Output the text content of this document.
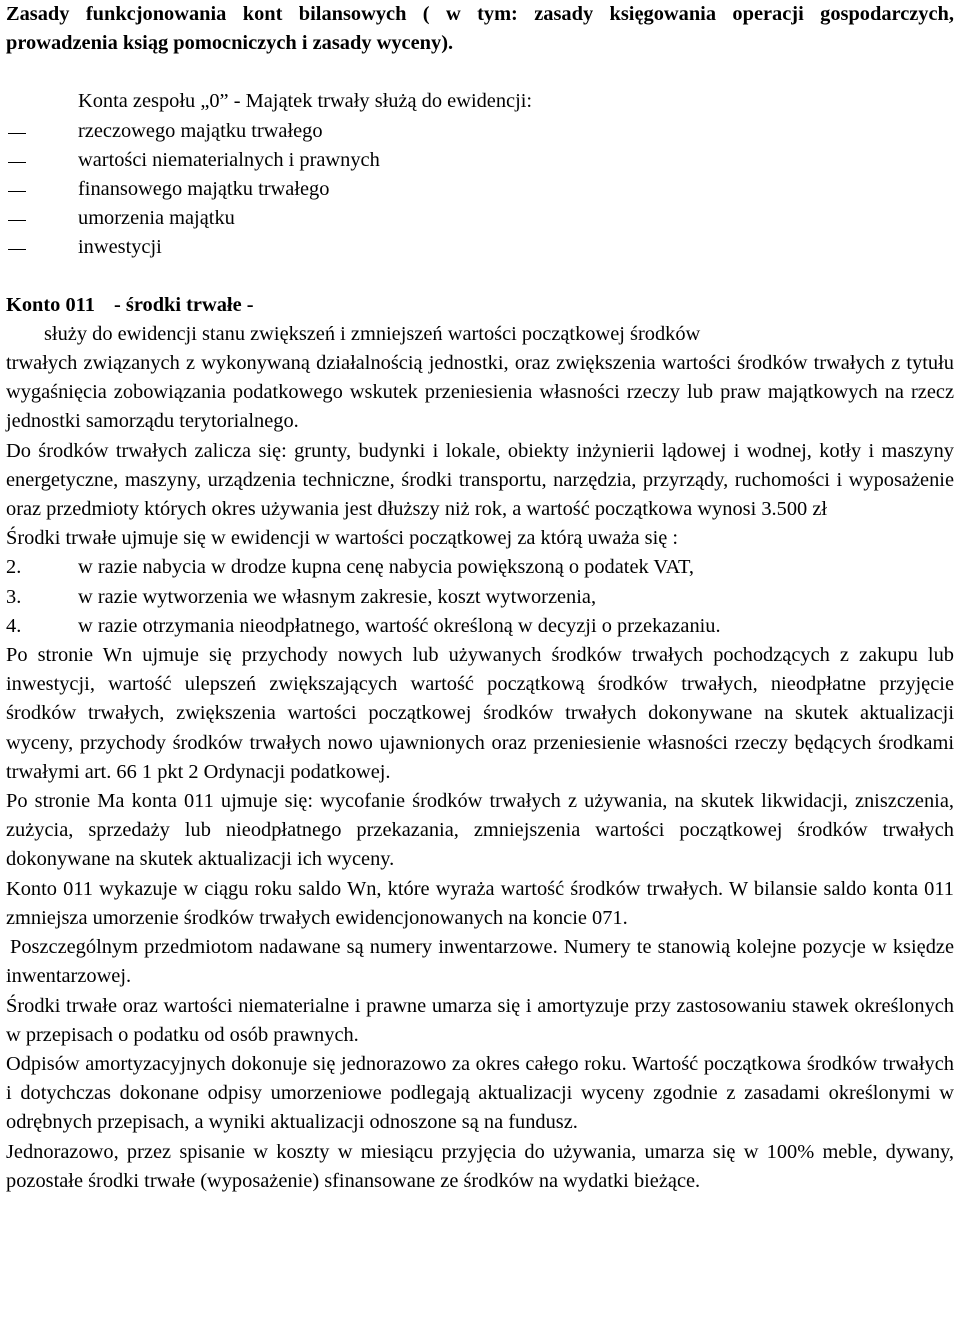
Zasady funkcjonowania kont bilansowych ( w tym: zasady księgowania operacji gospodarczych, prowadzenia ksiąg pomocniczych i zasady wyceny).
Konta zespołu „0” - Majątek trwały służą do ewidencji:
rzeczowego majątku trwałego
wartości niematerialnych i prawnych
finansowego majątku trwałego
umorzenia majątku
inwestycji
Konto 011 - środki trwałe -
służy do ewidencji stanu zwiększeń i zmniejszeń wartości początkowej środków

trwałych związanych z wykonywaną działalnością jednostki, oraz zwiększenia wartości środków trwałych z tytułu wygaśnięcia zobowiązania podatkowego wskutek przeniesienia własności rzeczy lub praw majątkowych na rzecz jednostki samorządu terytorialnego.

Do środków trwałych zalicza się: grunty, budynki i lokale, obiekty inżynierii lądowej i wodnej, kotły i maszyny energetyczne, maszyny, urządzenia techniczne, środki transportu, narzędzia, przyrządy, ruchomości i wyposażenie oraz przedmioty których okres używania jest dłuższy niż rok, a wartość początkowa wynosi 3.500 zł

Środki trwałe ujmuje się w ewidencji w wartości początkowej za którą uważa się :

2.	w razie nabycia w drodze kupna cenę nabycia powiększoną o podatek VAT,
3.	w razie wytworzenia we własnym zakresie, koszt wytworzenia,
4.	w razie otrzymania nieodpłatnego, wartość określoną w decyzji o przekazaniu.

Po stronie Wn ujmuje się przychody nowych lub używanych środków trwałych pochodzących z zakupu lub inwestycji, wartość ulepszeń zwiększających wartość początkową środków trwałych, nieodpłatne przyjęcie środków trwałych, zwiększenia wartości początkowej środków trwałych dokonywane na skutek aktualizacji wyceny, przychody środków trwałych nowo ujawnionych oraz przeniesienie własności rzeczy będących środkami trwałymi art. 66 1 pkt 2 Ordynacji podatkowej.

Po stronie Ma konta 011 ujmuje się: wycofanie środków trwałych z używania, na skutek likwidacji, zniszczenia, zużycia, sprzedaży lub nieodpłatnego przekazania, zmniejszenia wartości początkowej środków trwałych dokonywane na skutek aktualizacji ich wyceny.

Konto 011 wykazuje w ciągu roku saldo Wn, które wyraża wartość środków trwałych. W bilansie saldo konta 011 zmniejsza umorzenie środków trwałych ewidencjonowanych na koncie 071.

Poszczególnym przedmiotom nadawane są numery inwentarzowe. Numery te stanowią kolejne pozycje w księdze inwentarzowej.

Środki trwałe oraz wartości niematerialne i prawne umarza się i amortyzuje przy zastosowaniu stawek określonych w przepisach o podatku od osób prawnych.

Odpisów amortyzacyjnych dokonuje się jednorazowo za okres całego roku. Wartość początkowa środków trwałych i dotychczas dokonane odpisy umorzeniowe podlegają aktualizacji wyceny zgodnie z zasadami określonymi w odrębnych przepisach, a wyniki aktualizacji odnoszone są na fundusz.

Jednorazowo, przez spisanie w koszty w miesiącu przyjęcia do używania, umarza się w 100% meble, dywany, pozostałe środki trwałe (wyposażenie) sfinansowane ze środków na wydatki bieżące.
